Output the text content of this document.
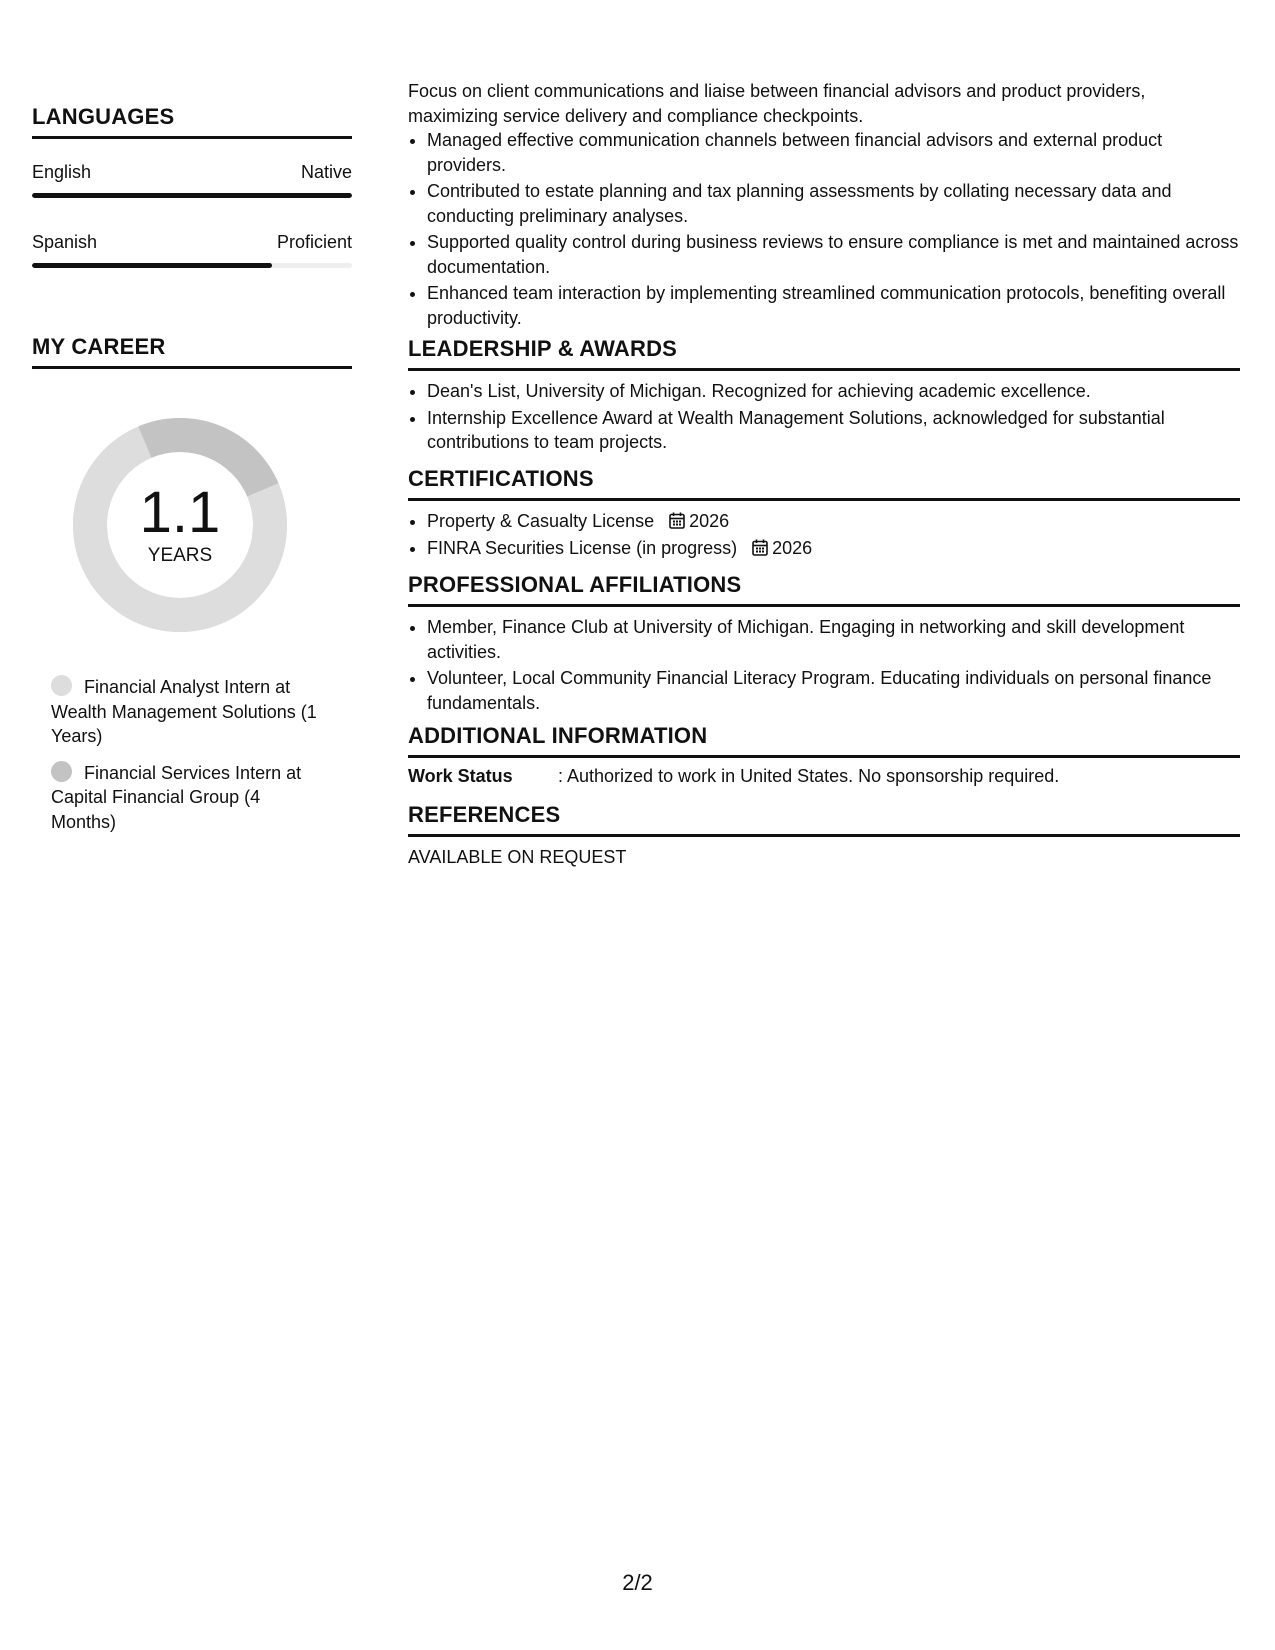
LANGUAGES
English	Native
Spanish	Proficient
MY CAREER
1.1
YEARS
Financial Analyst Intern at Wealth Management Solutions (1 Years)
Financial Services Intern at Capital Financial Group (4 Months)

Focus on client communications and liaise between financial advisors and product providers, maximizing service delivery and compliance checkpoints.

• Managed effective communication channels between financial advisors and external product providers.
• Contributed to estate planning and tax planning assessments by collating necessary data and conducting preliminary analyses.
• Supported quality control during business reviews to ensure compliance is met and maintained across documentation.
• Enhanced team interaction by implementing streamlined communication protocols, benefiting overall productivity.
LEADERSHIP & AWARDS
• Dean's List, University of Michigan. Recognized for achieving academic excellence.
• Internship Excellence Award at Wealth Management Solutions, acknowledged for substantial contributions to team projects.
CERTIFICATIONS
• Property & Casualty License 2026
• FINRA Securities License (in progress) 2026
PROFESSIONAL AFFILIATIONS
• Member, Finance Club at University of Michigan. Engaging in networking and skill development activities.
• Volunteer, Local Community Financial Literacy Program. Educating individuals on personal finance fundamentals.
ADDITIONAL INFORMATION
Work Status	: Authorized to work in United States. No sponsorship required.
REFERENCES

AVAILABLE ON REQUEST

2/2
